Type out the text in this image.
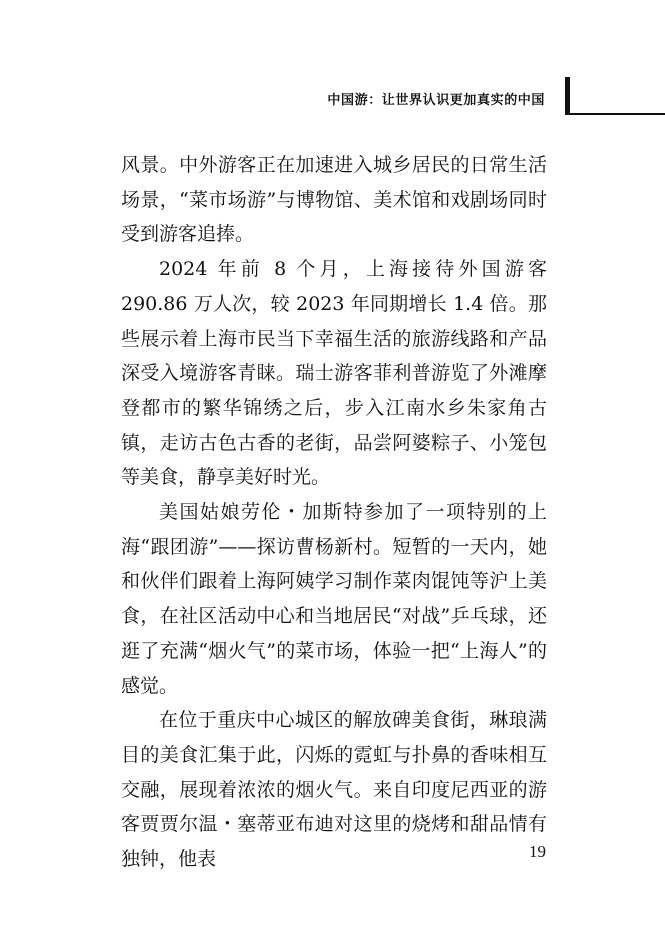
中国游：让世界认识更加真实的中国

风景。中外游客正在加速进入城乡居民的日常生活场景，“菜市场游”与博物馆、美术馆和戏剧场同时受到游客追捧。

2024 年前 8 个月，上海接待外国游客 290.86 万人次，较 2023 年同期增长 1.4 倍。那些展示着上海市民当下幸福生活的旅游线路和产品深受入境游客青睐。瑞士游客菲利普游览了外滩摩登都市的繁华锦绣之后，步入江南水乡朱家角古镇，走访古色古香的老街，品尝阿婆粽子、小笼包等美食，静享美好时光。

美国姑娘劳伦・加斯特参加了一项特别的上海“跟团游”——探访曹杨新村。短暂的一天内，她和伙伴们跟着上海阿姨学习制作菜肉馄饨等沪上美食，在社区活动中心和当地居民“对战”乒乓球，还逛了充满“烟火气”的菜市场，体验一把“上海人”的感觉。

在位于重庆中心城区的解放碑美食街，琳琅满目的美食汇集于此，闪烁的霓虹与扑鼻的香味相互交融，展现着浓浓的烟火气。来自印度尼西亚的游客贾贾尔温・塞蒂亚布迪对这里的烧烤和甜品情有独钟，他表	19
